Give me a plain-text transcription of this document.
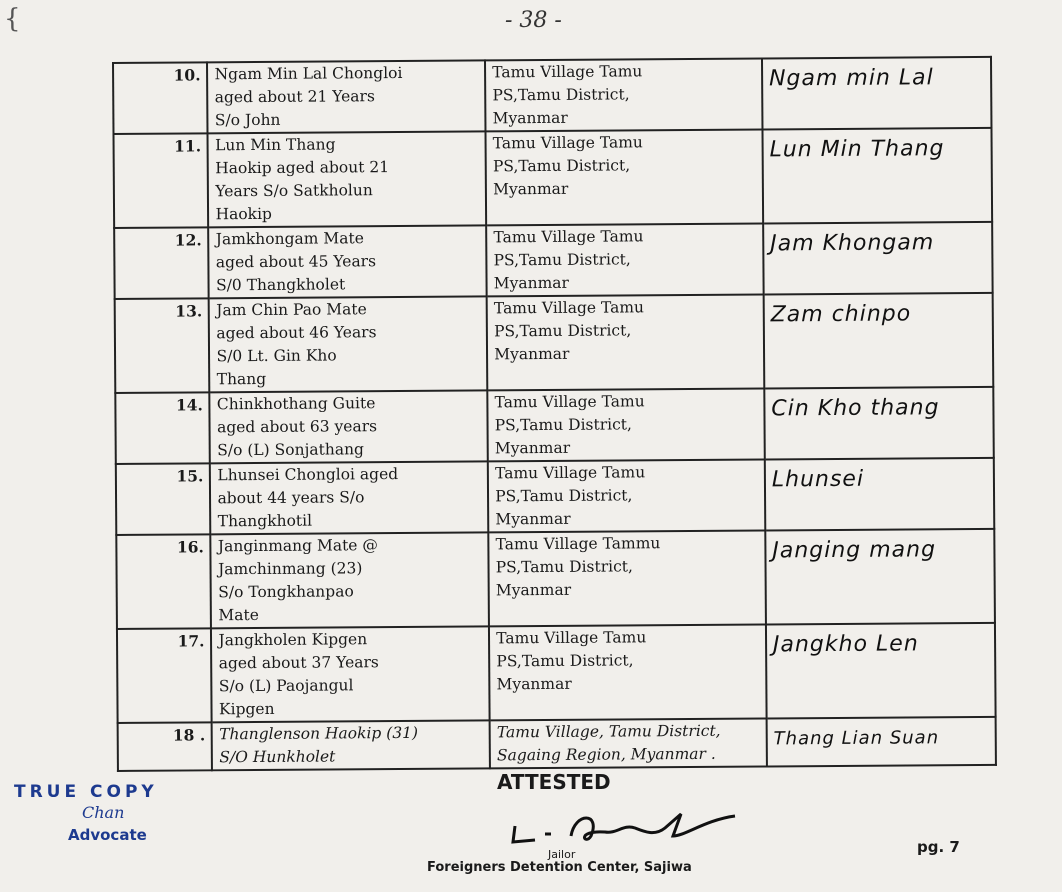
{	- 38 -
10.	Ngam Min Lal Chongloi
aged about 21 Years
S/o John	Tamu Village Tamu
PS,Tamu District,
Myanmar	Ngam min Lal

11.	Lun Min Thang
Haokip aged about 21
Years S/o Satkholun
Haokip	Tamu Village Tamu
PS,Tamu District,
Myanmar	Lun Min Thang

12.	Jamkhongam Mate
aged about 45 Years
S/0 Thangkholet	Tamu Village Tamu
PS,Tamu District,
Myanmar	Jam Khongam

13.	Jam Chin Pao Mate
aged about 46 Years
S/0 Lt. Gin Kho
Thang	Tamu Village Tamu
PS,Tamu District,
Myanmar	Zam chinpo

14.	Chinkhothang Guite
aged about 63 years
S/o (L) Sonjathang	Tamu Village Tamu
PS,Tamu District,
Myanmar	Cin Kho thang

15.	Lhunsei Chongloi aged
about 44 years S/o
Thangkhotil	Tamu Village Tamu
PS,Tamu District,
Myanmar	Lhunsei

16.	Janginmang Mate @
Jamchinmang (23)
S/o Tongkhanpao
Mate	Tamu Village Tammu
PS,Tamu District,
Myanmar	Janging mang

17.	Jangkholen Kipgen
aged about 37 Years
S/o (L) Paojangul
Kipgen	Tamu Village Tamu
PS,Tamu District,
Myanmar	Jangkho Len

18 .	Thanglenson Haokip (31)
S/O Hunkholet	Tamu Village, Tamu District,
Sagaing Region, Myanmar .	Thang Lian Suan
TRUE COPY
Chan
Advocate
ATTESTED
Jailor
Foreigners Detention Center, Sajiwa
pg. 7
